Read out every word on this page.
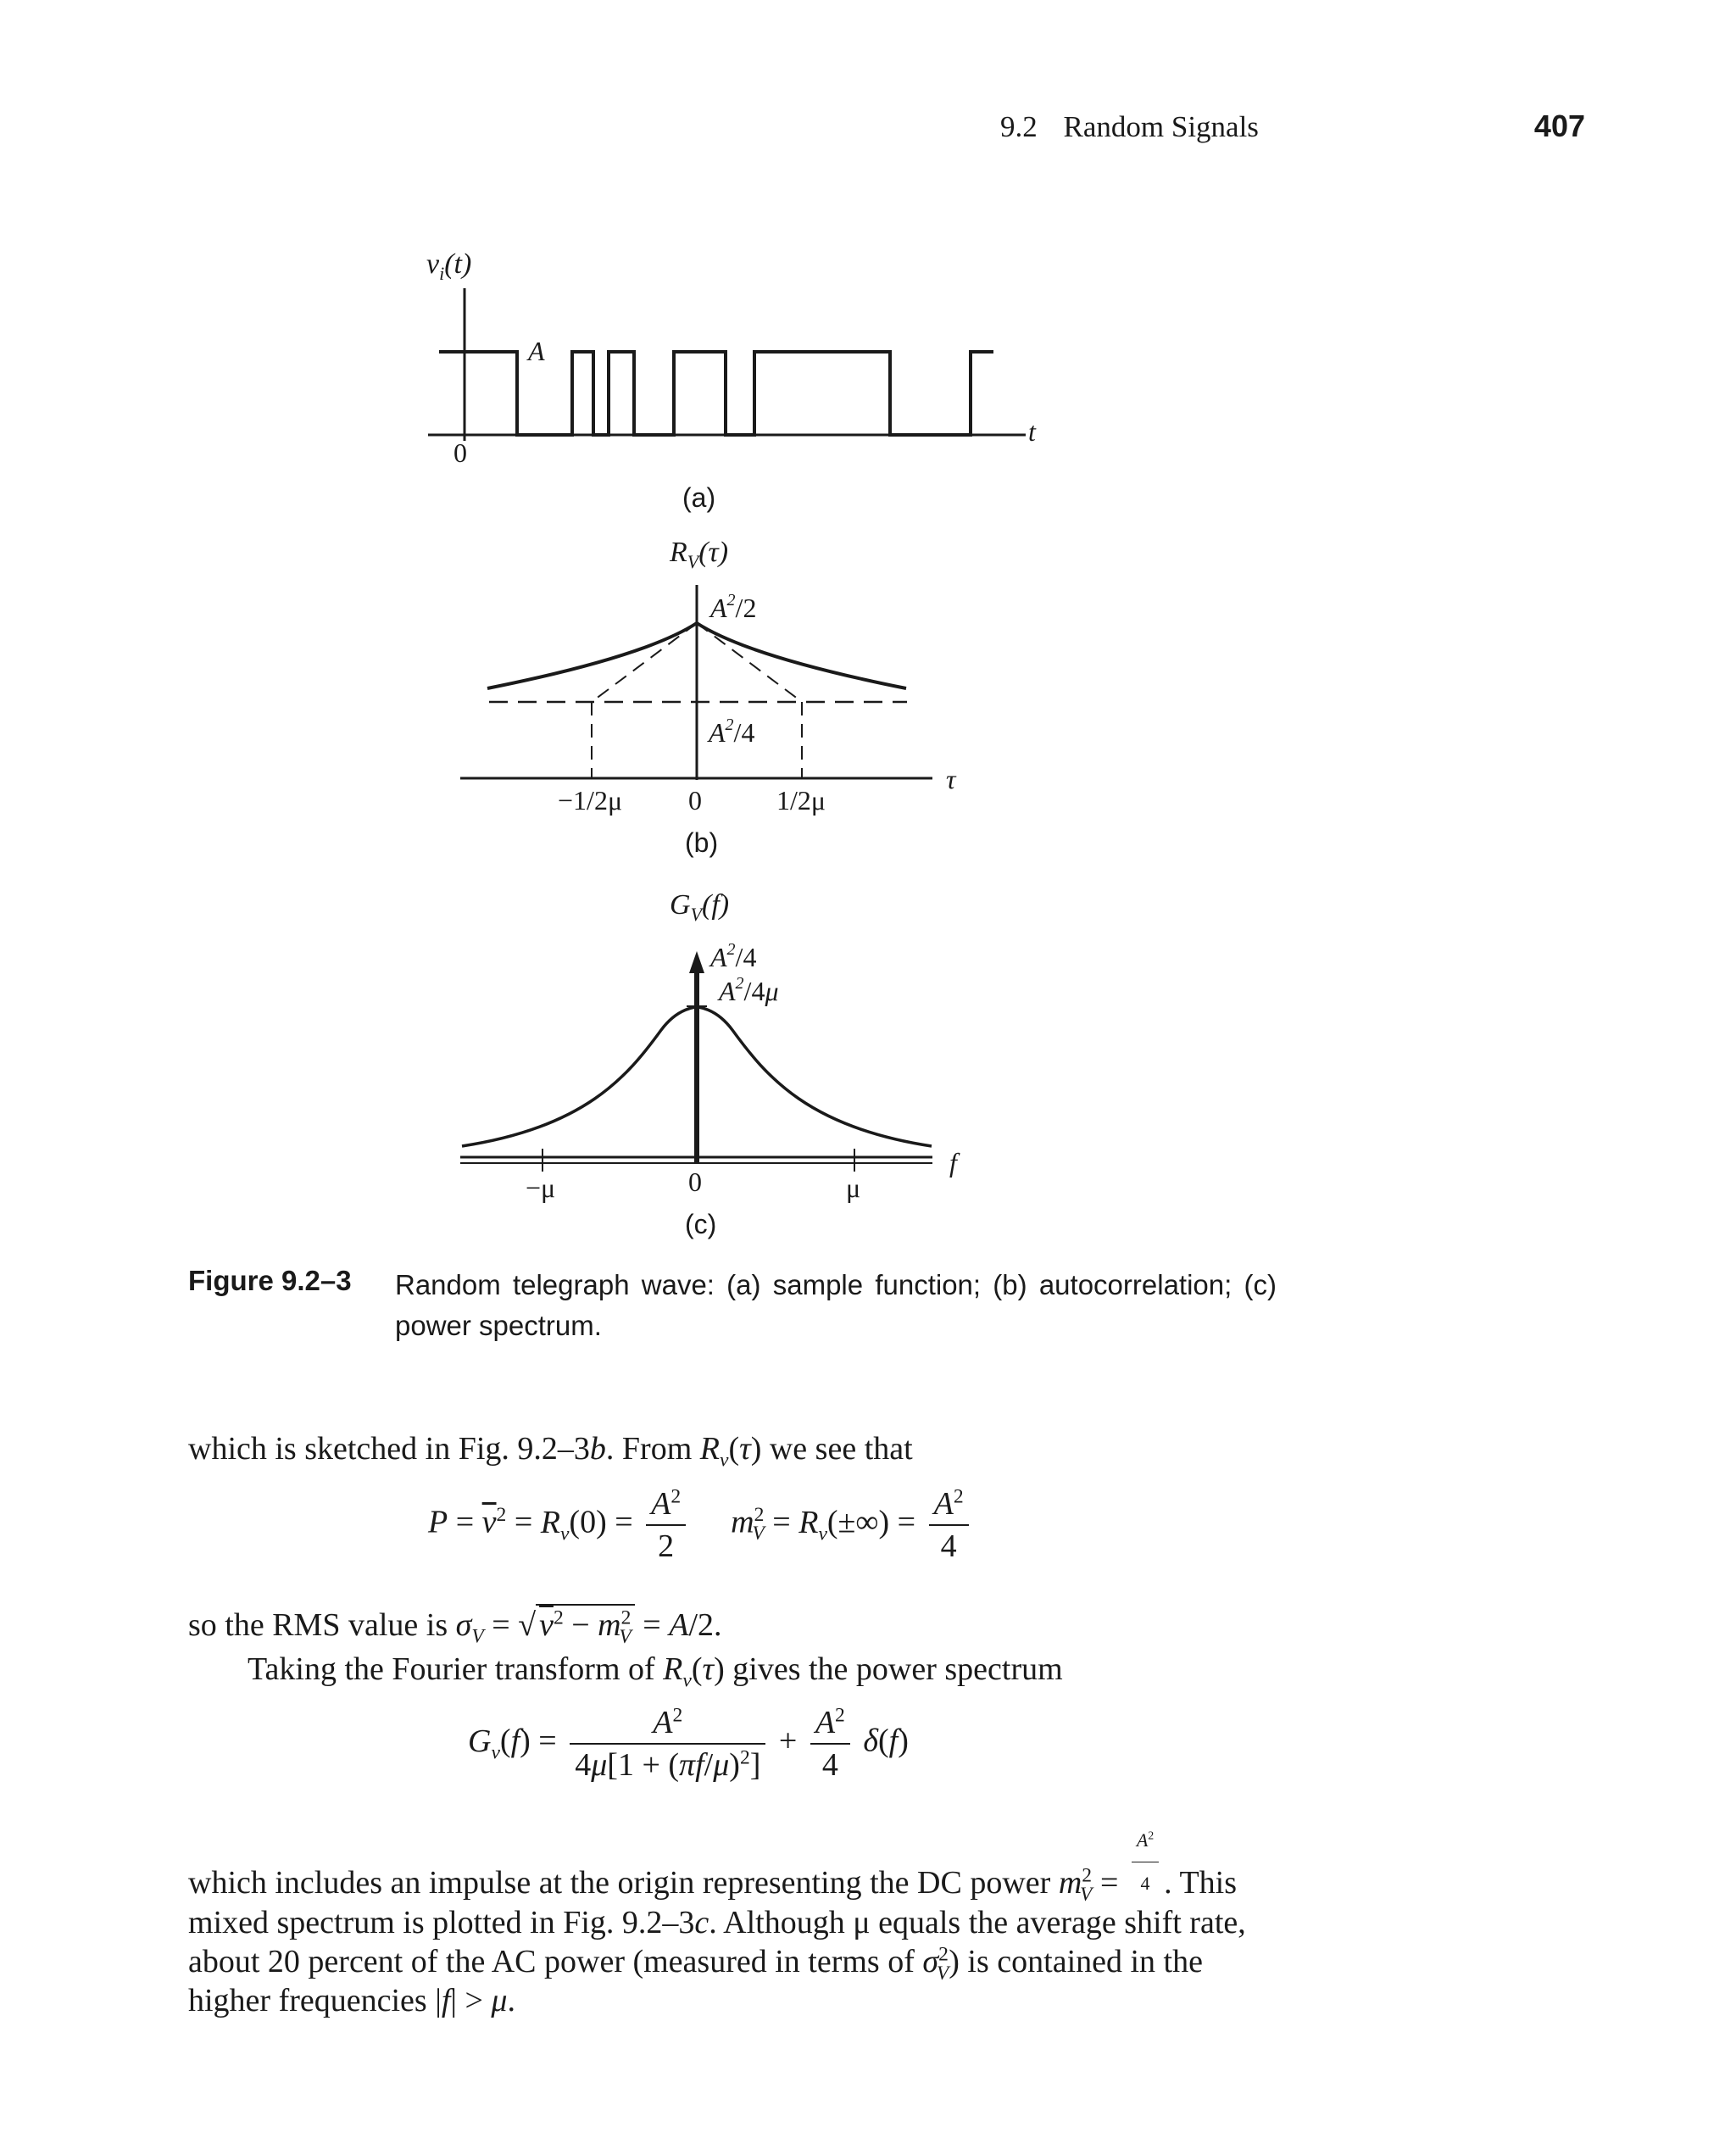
9.2 Random Signals	407
$v_i(t)$
A
0
t
(a)
$R_V(\tau)$
$A^2/2$
$A^2/4$
−1/2μ 0	1/2μ
τ
(b)
$G_V(f)$
$A^2/4$
$A^2/4\mu$
−μ	0	μ
f
(c)
Figure 9.2–3 Random telegraph wave: (a) sample function; (b) autocorrelation; (c) power spectrum.
which is sketched in Fig. 9.2–3b. From $R_v(\tau)$ we see that
$P = \overline{v}^2 = R_v(0) = \frac{A^2}{2} m^2_V = R_v(\pm\infty) = \frac{A^2}{4}$
so the RMS value is $\sigma_V$ = √ $v^2 - m^2_V = A/2$.
Taking the Fourier transform of $R_v(\tau)$ gives the power spectrum
$G_v(f) = \frac{A^2}{4\mu[1 + (\pi f/\mu)^2]} + \frac{A^2}{4} \delta(f)$
which includes an impulse at the origin representing the DC power $m^2_V = \frac{A^2}{4}$ . This
mixed spectrum is plotted in Fig. 9.2–3c. Although μ equals the average shift rate,
about 20 percent of the AC power (measured in terms of $\sigma^2_V$) is contained in the
higher frequencies |f| > μ.
